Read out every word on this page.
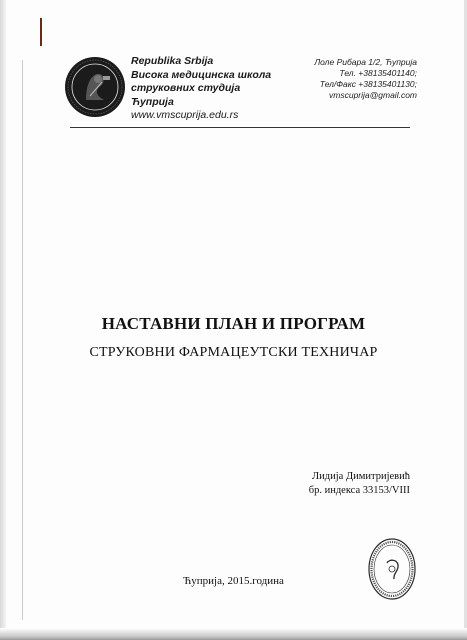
Republika Srbija
Висока медицинска школа
струковних студија
Ћуприја
www.vmscuprija.edu.rs
Лоле Рибара 1/2, Ћуприја
Тел. +38135401140;
Тел/Факс +38135401130;
vmscuprija@gmail.com
НАСТАВНИ ПЛАН И ПРОГРАМ
СТРУКОВНИ ФАРМАЦЕУТСКИ ТЕХНИЧАР
Лидија Димитријевић
бр. индекса 33153/VIII
Ћуприја, 2015.година
